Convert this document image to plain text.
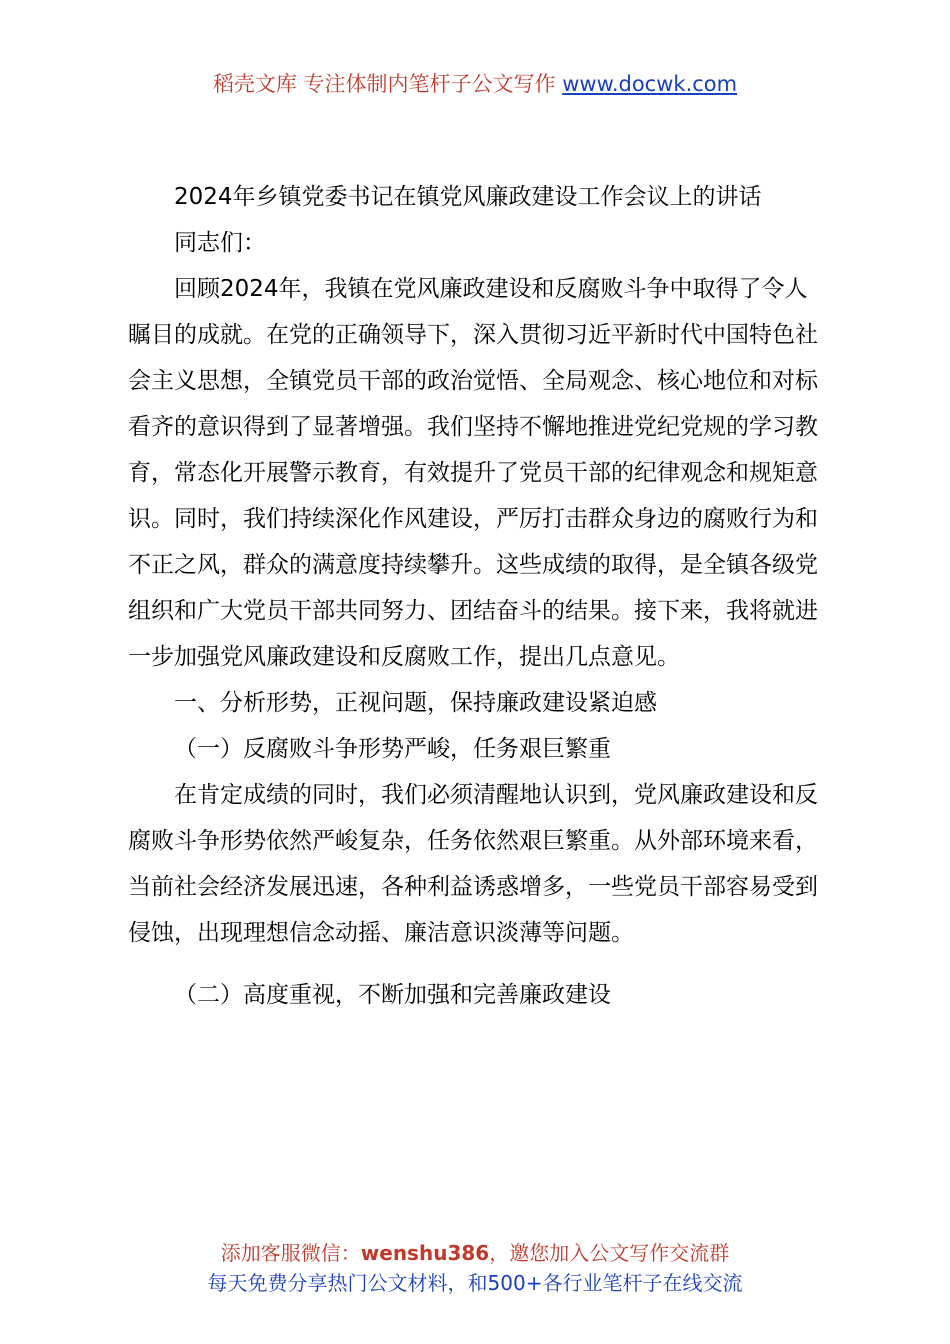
稻壳文库 专注体制内笔杆子公文写作 www.docwk.com

2024年乡镇党委书记在镇党风廉政建设工作会议上的讲话

同志们：

回顾2024年，我镇在党风廉政建设和反腐败斗争中取得了令人瞩目的成就。在党的正确领导下，深入贯彻习近平新时代中国特色社会主义思想，全镇党员干部的政治觉悟、全局观念、核心地位和对标看齐的意识得到了显著增强。我们坚持不懈地推进党纪党规的学习教育，常态化开展警示教育，有效提升了党员干部的纪律观念和规矩意识。同时，我们持续深化作风建设，严厉打击群众身边的腐败行为和不正之风，群众的满意度持续攀升。这些成绩的取得，是全镇各级党组织和广大党员干部共同努力、团结奋斗的结果。接下来，我将就进一步加强党风廉政建设和反腐败工作，提出几点意见。

一、分析形势，正视问题，保持廉政建设紧迫感

（一）反腐败斗争形势严峻，任务艰巨繁重

在肯定成绩的同时，我们必须清醒地认识到，党风廉政建设和反腐败斗争形势依然严峻复杂，任务依然艰巨繁重。从外部环境来看，当前社会经济发展迅速，各种利益诱惑增多，一些党员干部容易受到侵蚀，出现理想信念动摇、廉洁意识淡薄等问题。

（二）高度重视，不断加强和完善廉政建设

添加客服微信：wenshu386，邀您加入公文写作交流群
每天免费分享热门公文材料，和500+各行业笔杆子在线交流
